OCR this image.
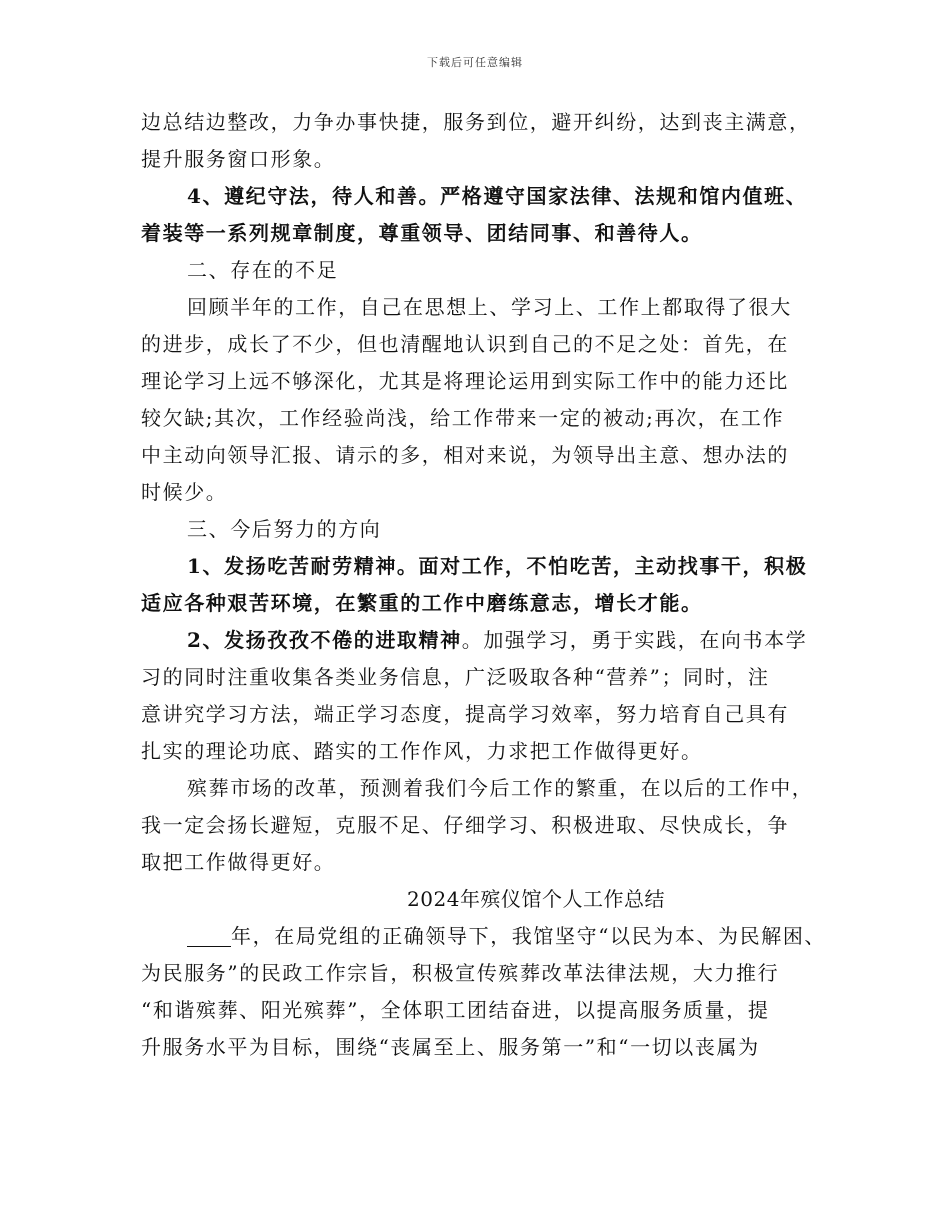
下载后可任意编辑
边总结边整改，力争办事快捷，服务到位，避开纠纷，达到丧主满意，
提升服务窗口形象。
4、遵纪守法，待人和善。严格遵守国家法律、法规和馆内值班、
着装等一系列规章制度，尊重领导、团结同事、和善待人。
二、存在的不足
回顾半年的工作，自己在思想上、学习上、工作上都取得了很大
的进步，成长了不少，但也清醒地认识到自己的不足之处：首先，在
理论学习上远不够深化，尤其是将理论运用到实际工作中的能力还比
较欠缺;其次，工作经验尚浅，给工作带来一定的被动;再次，在工作
中主动向领导汇报、请示的多，相对来说，为领导出主意、想办法的
时候少。
三、今后努力的方向
1、发扬吃苦耐劳精神。面对工作，不怕吃苦，主动找事干，积极
适应各种艰苦环境，在繁重的工作中磨练意志，增长才能。
2、发扬孜孜不倦的进取精神。加强学习，勇于实践，在向书本学
习的同时注重收集各类业务信息，广泛吸取各种“营养”；同时，注
意讲究学习方法，端正学习态度，提高学习效率，努力培育自己具有
扎实的理论功底、踏实的工作作风，力求把工作做得更好。
殡葬市场的改革，预测着我们今后工作的繁重，在以后的工作中，
我一定会扬长避短，克服不足、仔细学习、积极进取、尽快成长，争
取把工作做得更好。
2024年殡仪馆个人工作总结
年，在局党组的正确领导下，我馆坚守“以民为本、为民解困、
为民服务”的民政工作宗旨，积极宣传殡葬改革法律法规，大力推行
“和谐殡葬、阳光殡葬”，全体职工团结奋进，以提高服务质量，提
升服务水平为目标，围绕“丧属至上、服务第一”和“一切以丧属为
